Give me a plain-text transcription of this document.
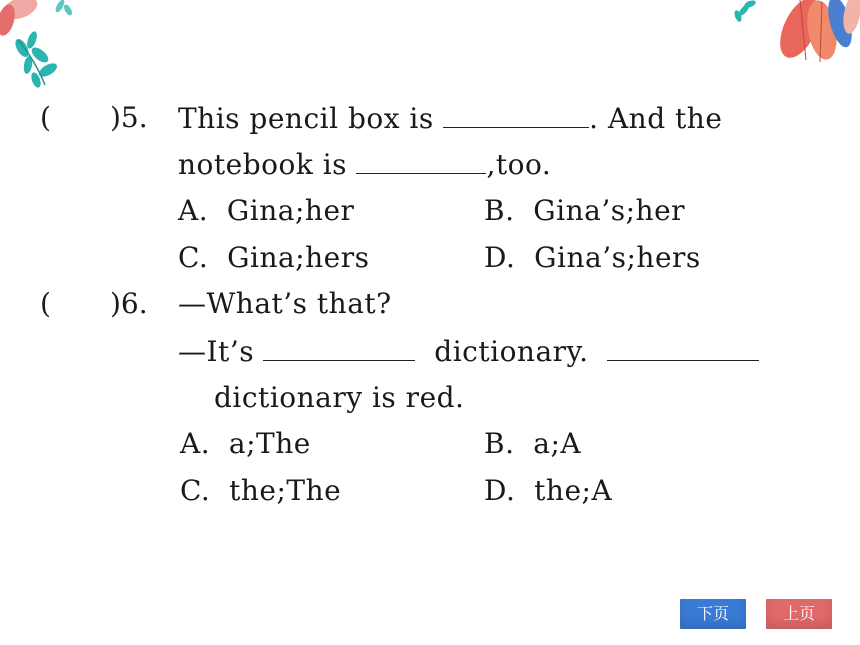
( )5. This pencil box is	. And the
notebook is	,too.
A.  Gina;her	B.  Gina’s;her
C.  Gina;hers	D.  Gina’s;hers
( )6. —What’s that?
—It’s	dictionary.
dictionary is red.
A.  a;The	B.  a;A
C.  the;The	D.  the;A
下页	上页
